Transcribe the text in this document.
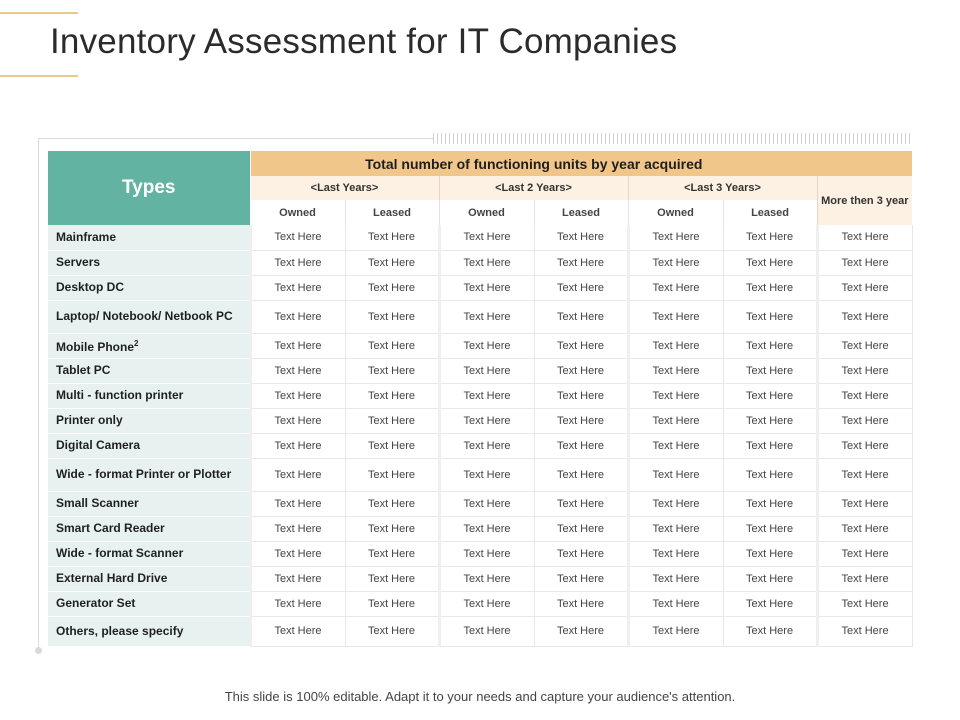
Inventory Assessment for IT Companies
Types	Total number of functioning units by year acquired						
	<Last Years>		<Last 2 Years>		<Last 3 Years>		More then 3 year
	Owned	Leased	Owned	Leased	Owned	Leased	
Mainframe	Text Here	Text Here	Text Here	Text Here	Text Here	Text Here	Text Here
Servers	Text Here	Text Here	Text Here	Text Here	Text Here	Text Here	Text Here
Desktop DC	Text Here	Text Here	Text Here	Text Here	Text Here	Text Here	Text Here
Laptop/ Notebook/ Netbook PC	Text Here	Text Here	Text Here	Text Here	Text Here	Text Here	Text Here
Mobile Phone$^2$	Text Here	Text Here	Text Here	Text Here	Text Here	Text Here	Text Here
Tablet PC	Text Here	Text Here	Text Here	Text Here	Text Here	Text Here	Text Here
Multi - function printer	Text Here	Text Here	Text Here	Text Here	Text Here	Text Here	Text Here
Printer only	Text Here	Text Here	Text Here	Text Here	Text Here	Text Here	Text Here
Digital Camera	Text Here	Text Here	Text Here	Text Here	Text Here	Text Here	Text Here
Wide - format Printer or Plotter	Text Here	Text Here	Text Here	Text Here	Text Here	Text Here	Text Here
Small Scanner	Text Here	Text Here	Text Here	Text Here	Text Here	Text Here	Text Here
Smart Card Reader	Text Here	Text Here	Text Here	Text Here	Text Here	Text Here	Text Here
Wide - format Scanner	Text Here	Text Here	Text Here	Text Here	Text Here	Text Here	Text Here
External Hard Drive	Text Here	Text Here	Text Here	Text Here	Text Here	Text Here	Text Here
Generator Set	Text Here	Text Here	Text Here	Text Here	Text Here	Text Here	Text Here
Others, please specify	Text Here	Text Here	Text Here	Text Here	Text Here	Text Here	Text Here
This slide is 100% editable. Adapt it to your needs and capture your audience's attention.
